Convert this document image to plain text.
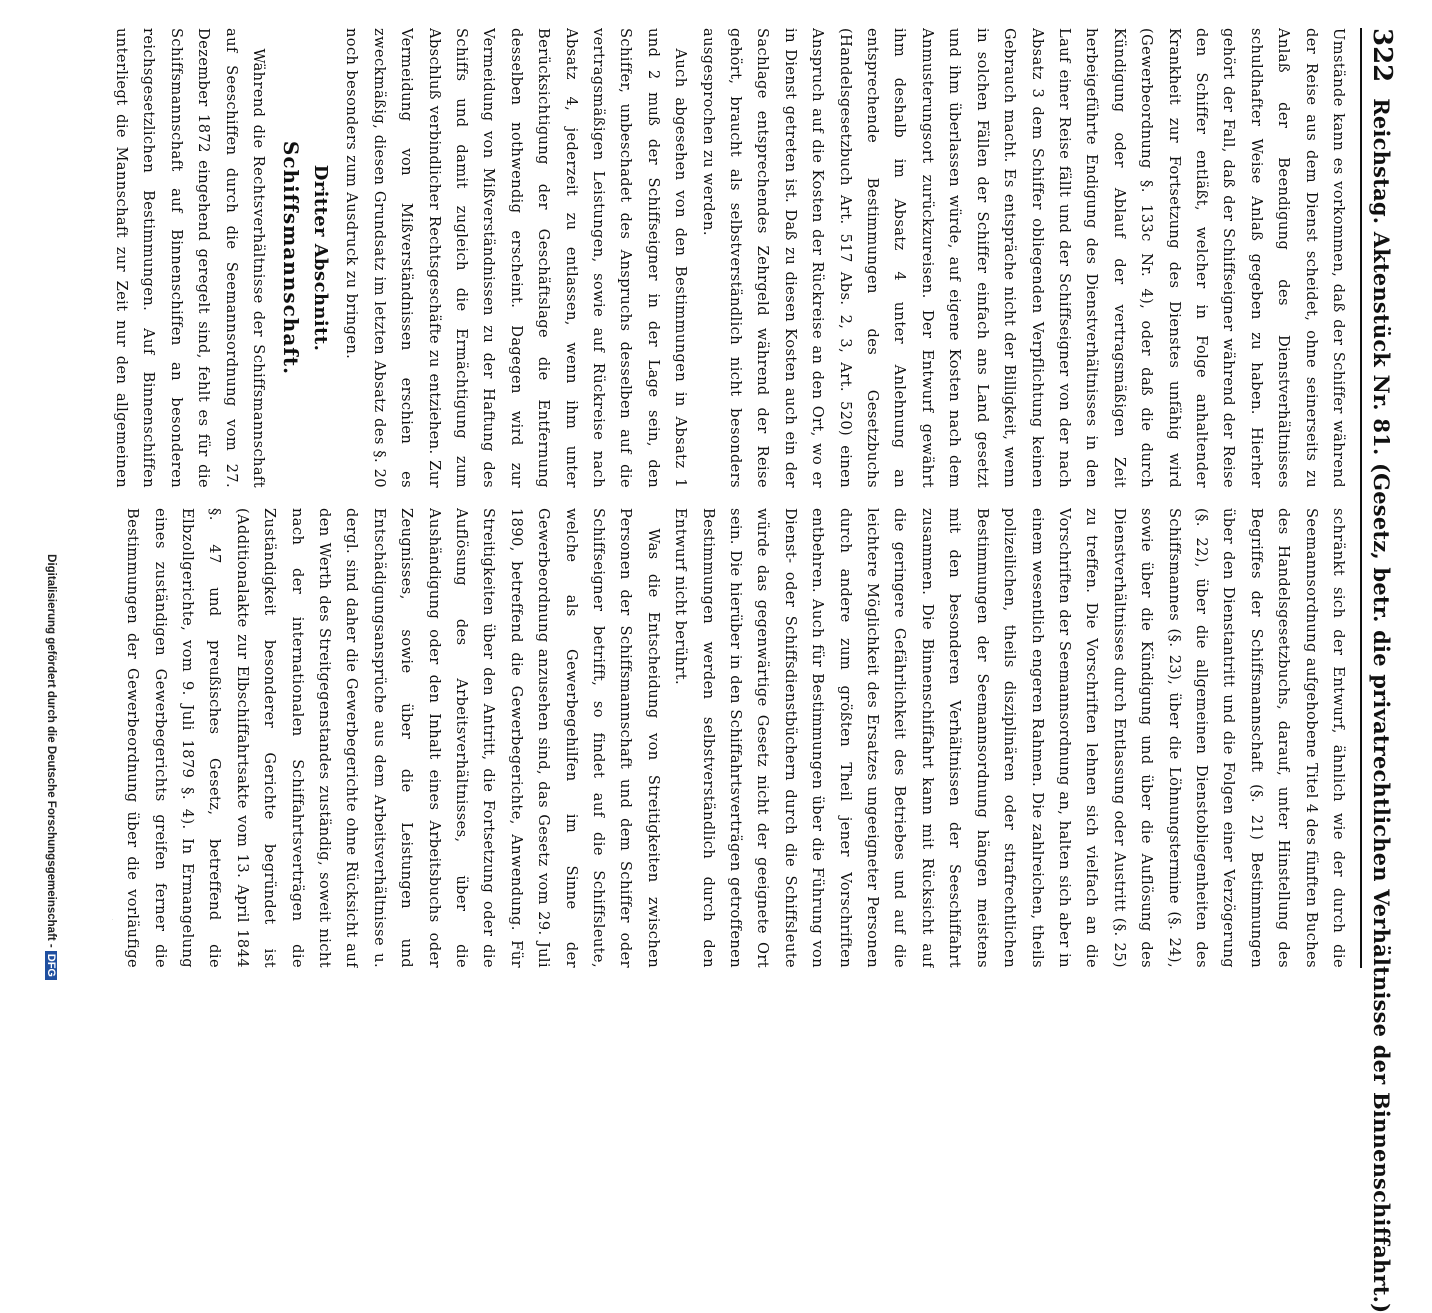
322
Reichstag. Aktenstück Nr. 81. (Gesetz, betr. die privatrechtlichen Verhältnisse der Binnenschiffahrt.)

Umstände kann es vorkommen, daß der Schiffer während der Reise aus dem Dienst scheidet, ohne seinerseits zu Anlaß der Beendigung des Dienstverhältnisses schuldhafter Weise Anlaß gegeben zu haben. Hierher gehört der Fall, daß der Schiffseigner während der Reise den Schiffer entläßt, welcher in Folge anhaltender Krankheit zur Fortsetzung des Dienstes unfähig wird (Gewerbeordnung §. 133c Nr. 4), oder daß die durch Kündigung oder Ablauf der vertragsmäßigen Zeit herbeigeführte Endigung des Dienstverhältnisses in den Lauf einer Reise fällt und der Schiffseigner von der nach Absatz 3 dem Schiffer obliegenden Verpflichtung keinen Gebrauch macht. Es entspräche nicht der Billigkeit, wenn in solchen Fällen der Schiffer einfach ans Land gesetzt und ihm überlassen würde, auf eigene Kosten nach dem Anmusterungsort zurückzureisen. Der Entwurf gewährt ihm deshalb im Absatz 4 unter Anlehnung an entsprechende Bestimmungen des Gesetzbuchs (Handelsgesetzbuch Art. 517 Abs. 2, 3, Art. 520) einen Anspruch auf die Kosten der Rückreise an den Ort, wo er in Dienst getreten ist. Daß zu diesen Kosten auch ein der Sachlage entsprechendes Zehrgeld während der Reise gehört, braucht als selbstverständlich nicht besonders ausgesprochen zu werden.

Auch abgesehen von den Bestimmungen in Absatz 1 und 2 muß der Schiffseigner in der Lage sein, den Schiffer, unbeschadet des Anspruchs desselben auf die vertragsmäßigen Leistungen, sowie auf Rückreise nach Absatz 4, jederzeit zu entlassen, wenn ihm unter Berücksichtigung der Geschäftslage die Entfernung desselben nothwendig erscheint. Dagegen wird zur Vermeidung von Mißverständnissen zu der Haftung des Schiffs und damit zugleich die Ermächtigung zum Abschluß verbindlicher Rechtsgeschäfte zu entziehen. Zur Vermeidung von Mißverständnissen erschien es zweckmäßig, diesen Grundsatz im letzten Absatz des §. 20 noch besonders zum Ausdruck zu bringen.

Dritter Abschnitt.
Schiffsmannschaft.

Während die Rechtsverhältnisse der Schiffsmannschaft auf Seeschiffen durch die Seemannsordnung vom 27. Dezember 1872 eingehend geregelt sind, fehlt es für die Schiffsmannschaft auf Binnenschiffen an besonderen reichsgesetzlichen Bestimmungen. Auf Binnenschiffen unterliegt die Mannschaft zur Zeit nur den allgemeinen

schränkt sich der Entwurf, ähnlich wie der durch die Seemannsordnung aufgehobene Titel 4 des fünften Buches des Handelsgesetzbuchs, darauf, unter Hinstellung des Begriffes der Schiffsmannschaft (§. 21) Bestimmungen über den Dienstantritt und die Folgen einer Verzögerung (§. 22), über die allgemeinen Dienstobliegenheiten des Schiffsmannes (§. 23), über die Löhnungstermine (§. 24), sowie über die Kündigung und über die Auflösung des Dienstverhältnisses durch Entlassung oder Austritt (§. 25) zu treffen. Die Vorschriften lehnen sich vielfach an die Vorschriften der Seemannsordnung an, halten sich aber in einem wesentlich engeren Rahmen. Die zahlreichen, theils polizeilichen, theils disziplinären oder strafrechtlichen Bestimmungen der Seemannsordnung hängen meistens mit den besonderen Verhältnissen der Seeschiffahrt zusammen. Die Binnenschiffahrt kann mit Rücksicht auf die geringere Gefährlichkeit des Betriebes und auf die leichtere Möglichkeit des Ersatzes ungeeigneter Personen durch andere zum größten Theil jener Vorschriften entbehren. Auch für Bestimmungen über die Führung von Dienst- oder Schiffsdienstbüchern durch die Schiffsleute würde das gegenwärtige Gesetz nicht der geeignete Ort sein. Die hierüber in den Schiffahrtsverträgen getroffenen Bestimmungen werden selbstverständlich durch den Entwurf nicht berührt.

Was die Entscheidung von Streitigkeiten zwischen Personen der Schiffsmannschaft und dem Schiffer oder Schiffseigner betrifft, so findet auf die Schiffsleute, welche als Gewerbegehilfen im Sinne der Gewerbeordnung anzusehen sind, das Gesetz vom 29. Juli 1890, betreffend die Gewerbegerichte, Anwendung. Für Streitigkeiten über den Antritt, die Fortsetzung oder die Auflösung des Arbeitsverhältnisses, über die Aushändigung oder den Inhalt eines Arbeitsbuchs oder Zeugnisses, sowie über die Leistungen und Entschädigungsansprüche aus dem Arbeitsverhältnisse u. dergl. sind daher die Gewerbegerichte ohne Rücksicht auf den Werth des Streitgegenstandes zuständig, soweit nicht nach der internationalen Schiffahrtsverträgen die Zuständigkeit besonderer Gerichte begründet ist (Additionalakte zur Elbschiffahrtsakte vom 13. April 1844 §. 47 und preußisches Gesetz, betreffend die Elbzollgerichte, vom 9. Juli 1879 §. 4). In Ermangelung eines zuständigen Gewerbegerichts greifen ferner die Bestimmungen der Gewerbeordnung über die vorläufige

Digitalisierung gefördert durch die Deutsche Forschungsgemeinschaft -DFG
